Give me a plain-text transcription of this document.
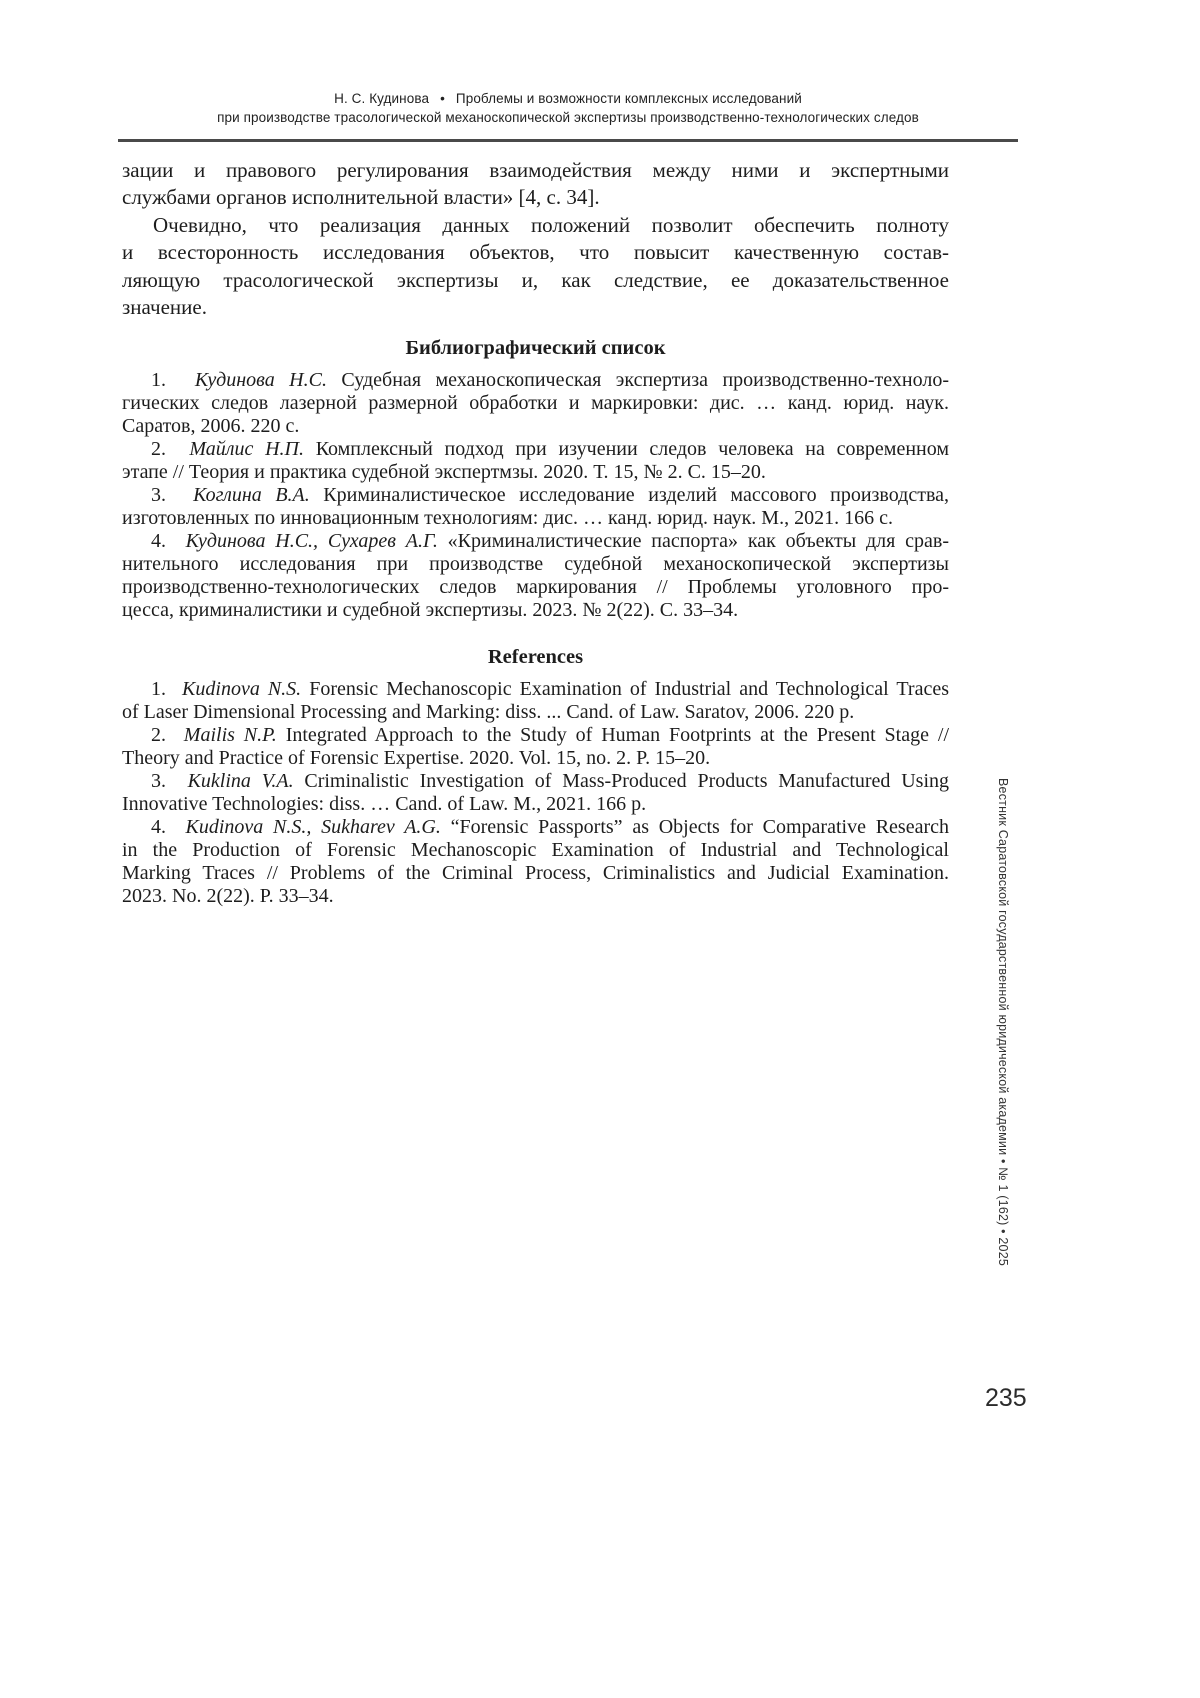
Н. С. Кудинова • Проблемы и возможности комплексных исследований
при производстве трасологической механоскопической экспертизы производственно-технологических следов
зации и правового регулирования взаимодействия между ними и экспертными
службами органов исполнительной власти» [4, с. 34].
Очевидно, что реализация данных положений позволит обеспечить полноту
и всесторонность исследования объектов, что повысит качественную состав-
ляющую трасологической экспертизы и, как следствие, ее доказательственное
значение.
Библиографический список
1.  Кудинова Н.С. Судебная механоскопическая экспертиза производственно-техноло-
гических следов лазерной размерной обработки и маркировки: дис. … канд. юрид. наук.
Саратов, 2006. 220 с.
2.  Майлис Н.П. Комплексный подход при изучении следов человека на современном
этапе // Теория и практика судебной экспертмзы. 2020. Т. 15, № 2. С. 15–20.
3.  Коглина В.А. Криминалистическое исследование изделий массового производства,
изготовленных по инновационным технологиям: дис. … канд. юрид. наук. М., 2021. 166 с.
4.  Кудинова Н.С., Сухарев А.Г. «Криминалистические паспорта» как объекты для срав-
нительного исследования при производстве судебной механоскопической экспертизы
производственно-технологических следов маркирования // Проблемы уголовного про-
цесса, криминалистики и судебной экспертизы. 2023. № 2(22). С. 33–34.
References
1.  Kudinova N.S. Forensic Mechanoscopic Examination of Industrial and Technological Traces
of Laser Dimensional Processing and Marking: diss. ... Cand. of Law. Saratov, 2006. 220 p.
2.  Mailis N.P. Integrated Approach to the Study of Human Footprints at the Present Stage //
Theory and Practice of Forensic Expertise. 2020. Vol. 15, no. 2. P. 15–20.
3.  Kuklina V.A. Criminalistic Investigation of Mass-Produced Products Manufactured Using
Innovative Technologies: diss. … Cand. of Law. M., 2021. 166 p.
4.  Kudinova N.S., Sukharev A.G. “Forensic Passports” as Objects for Comparative Research
in the Production of Forensic Mechanoscopic Examination of Industrial and Technological
Marking Traces // Problems of the Criminal Process, Criminalistics and Judicial Examination.
2023. No. 2(22). P. 33–34.	Вестник Саратовской государственной юридической академии • № 1 (162) • 2025
235
